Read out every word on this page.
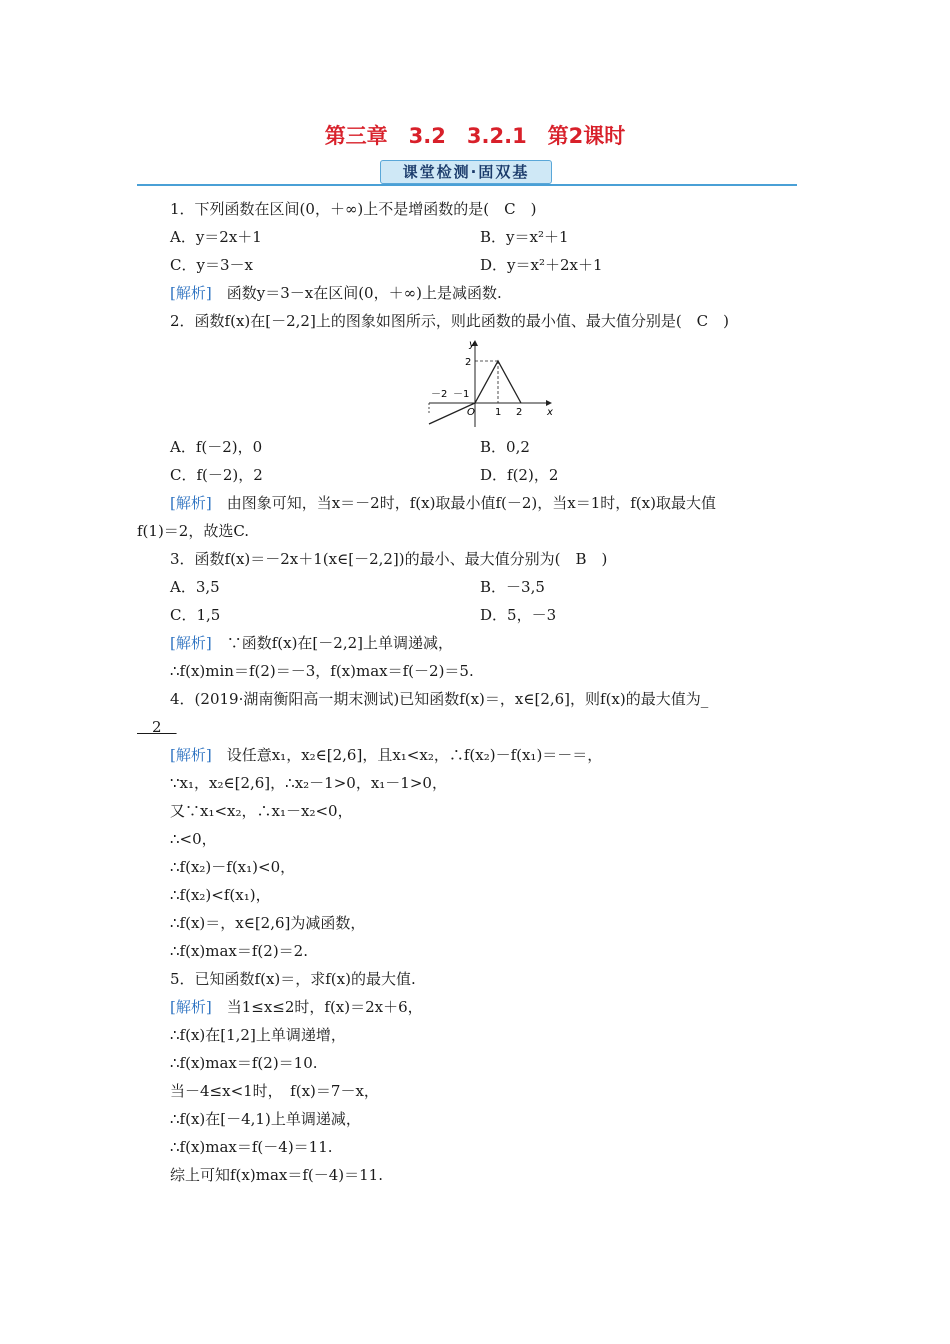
第三章　3.2　3.2.1　第2课时
课堂检测·固双基
1．下列函数在区间(0，＋∞)上不是增函数的是(　C　)
A．y＝2x＋1	B．y＝x²＋1
C．y＝3－x	D．y＝x²＋2x＋1
[解析]　函数y＝3－x在区间(0，＋∞)上是减函数.
2．函数f(x)在[－2,2]上的图象如图所示，则此函数的最小值、最大值分别是(　C　)
y
x
O
2
－2 －1
1 2
A．f(－2)，0	B．0,2
C．f(－2)，2	D．f(2)，2
[解析]　由图象可知，当x＝－2时，f(x)取最小值f(－2)，当x＝1时，f(x)取最大值
f(1)＝2，故选C.
3．函数f(x)＝－2x＋1(x∈[－2,2])的最小、最大值分别为(　B　)
A．3,5	B．－3,5
C．1,5	D．5，－3
[解析]　∵函数f(x)在[－2,2]上单调递减，
∴f(x)min＝f(2)＝－3，f(x)max＝f(－2)＝5.
4．(2019·湖南衡阳高一期末测试)已知函数f(x)＝，x∈[2,6]，则f(x)的最大值为_
　2　
[解析]　设任意x₁，x₂∈[2,6]，且x₁<x₂，∴f(x₂)－f(x₁)＝－＝，
∵x₁，x₂∈[2,6]，∴x₂－1>0，x₁－1>0，
又∵x₁<x₂，∴x₁－x₂<0，
∴<0，
∴f(x₂)－f(x₁)<0，
∴f(x₂)<f(x₁)，
∴f(x)＝，x∈[2,6]为减函数，
∴f(x)max＝f(2)＝2.
5．已知函数f(x)＝，求f(x)的最大值.
[解析]　当1≤x≤2时，f(x)＝2x＋6，
∴f(x)在[1,2]上单调递增，
∴f(x)max＝f(2)＝10.
当－4≤x<1时，　f(x)＝7－x，
∴f(x)在[－4,1)上单调递减，
∴f(x)max＝f(－4)＝11.
综上可知f(x)max＝f(－4)＝11.
